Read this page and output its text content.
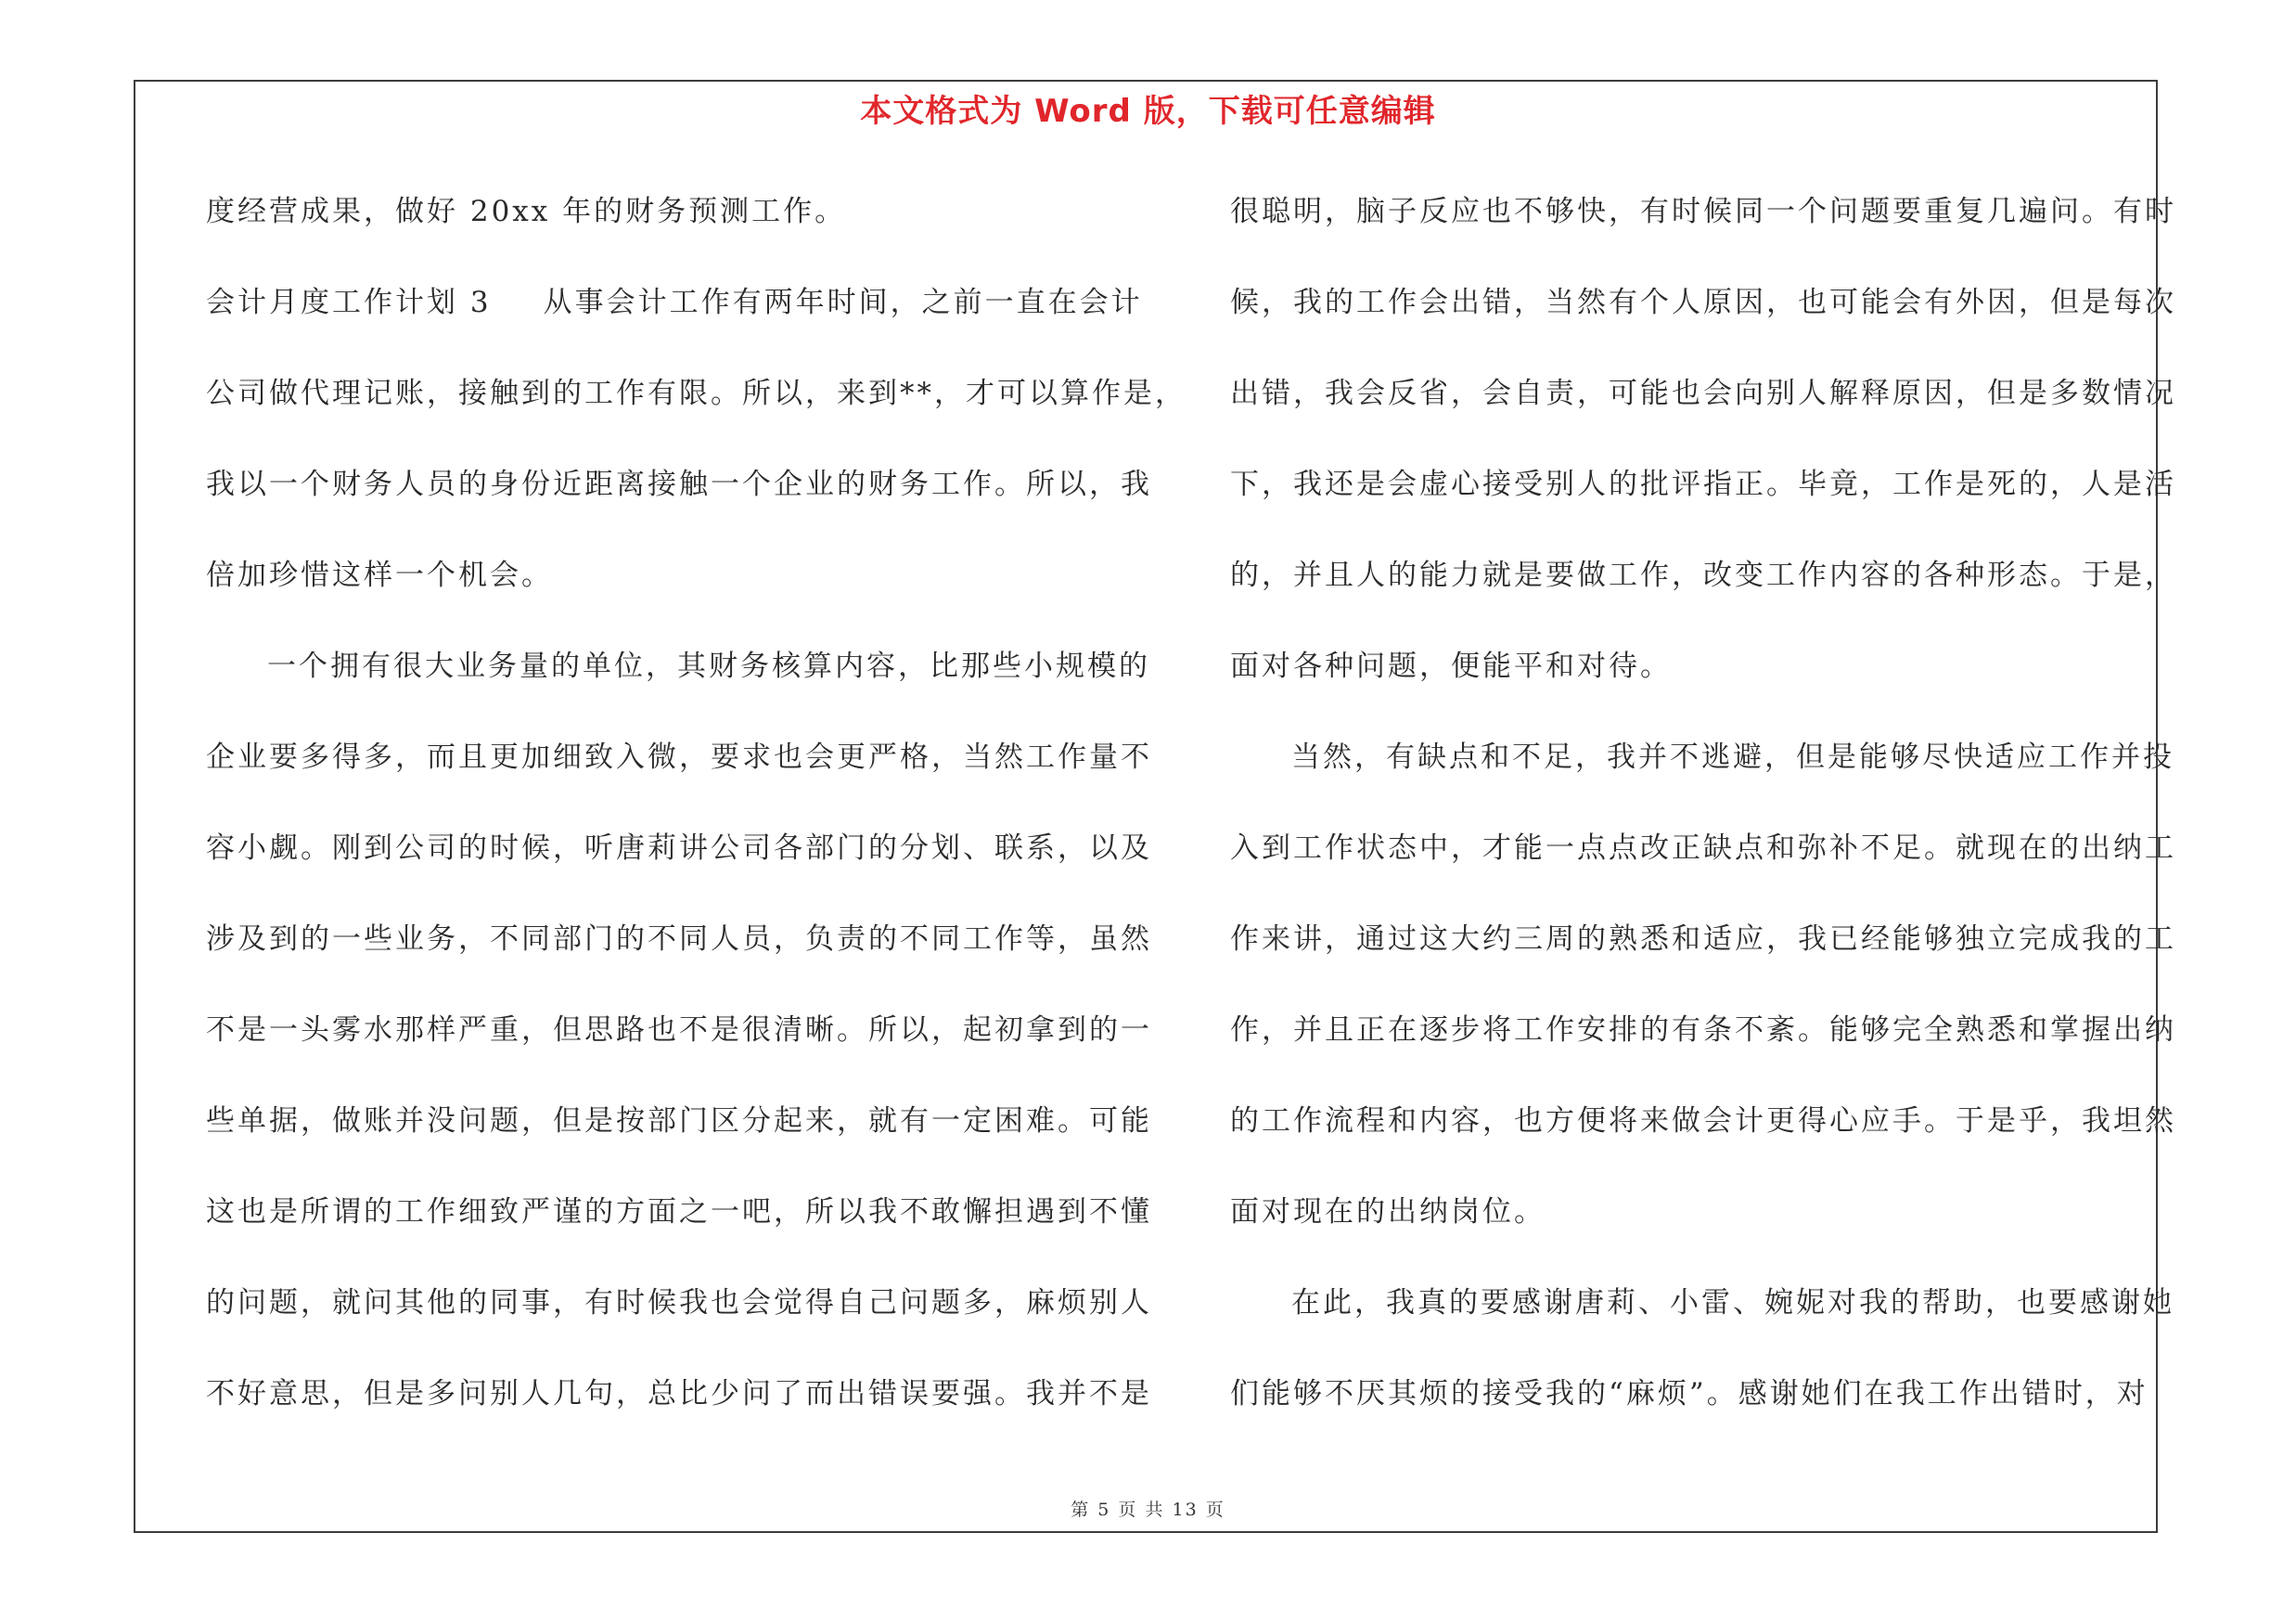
本文格式为 Word 版，下载可任意编辑
度经营成果，做好 20xx 年的财务预测工作。
会计月度工作计划 3 从事会计工作有两年时间，之前一直在会计
公司做代理记账，接触到的工作有限。所以，来到**，才可以算作是，
我以一个财务人员的身份近距离接触一个企业的财务工作。所以，我
倍加珍惜这样一个机会。
一个拥有很大业务量的单位，其财务核算内容，比那些小规模的
企业要多得多，而且更加细致入微，要求也会更严格，当然工作量不
容小觑。刚到公司的时候，听唐莉讲公司各部门的分划、联系，以及
涉及到的一些业务，不同部门的不同人员，负责的不同工作等，虽然
不是一头雾水那样严重，但思路也不是很清晰。所以，起初拿到的一
些单据，做账并没问题，但是按部门区分起来，就有一定困难。可能
这也是所谓的工作细致严谨的方面之一吧，所以我不敢懈担遇到不懂
的问题，就问其他的同事，有时候我也会觉得自己问题多，麻烦别人
不好意思，但是多问别人几句，总比少问了而出错误要强。我并不是
很聪明，脑子反应也不够快，有时候同一个问题要重复几遍问。有时
候，我的工作会出错，当然有个人原因，也可能会有外因，但是每次
出错，我会反省，会自责，可能也会向别人解释原因，但是多数情况
下，我还是会虚心接受别人的批评指正。毕竟，工作是死的，人是活
的，并且人的能力就是要做工作，改变工作内容的各种形态。于是，
面对各种问题，便能平和对待。
当然，有缺点和不足，我并不逃避，但是能够尽快适应工作并投
入到工作状态中，才能一点点改正缺点和弥补不足。就现在的出纳工
作来讲，通过这大约三周的熟悉和适应，我已经能够独立完成我的工
作，并且正在逐步将工作安排的有条不紊。能够完全熟悉和掌握出纳
的工作流程和内容，也方便将来做会计更得心应手。于是乎，我坦然
面对现在的出纳岗位。
在此，我真的要感谢唐莉、小雷、婉妮对我的帮助，也要感谢她
们能够不厌其烦的接受我的“麻烦”。感谢她们在我工作出错时，对
第 5 页 共 13 页
